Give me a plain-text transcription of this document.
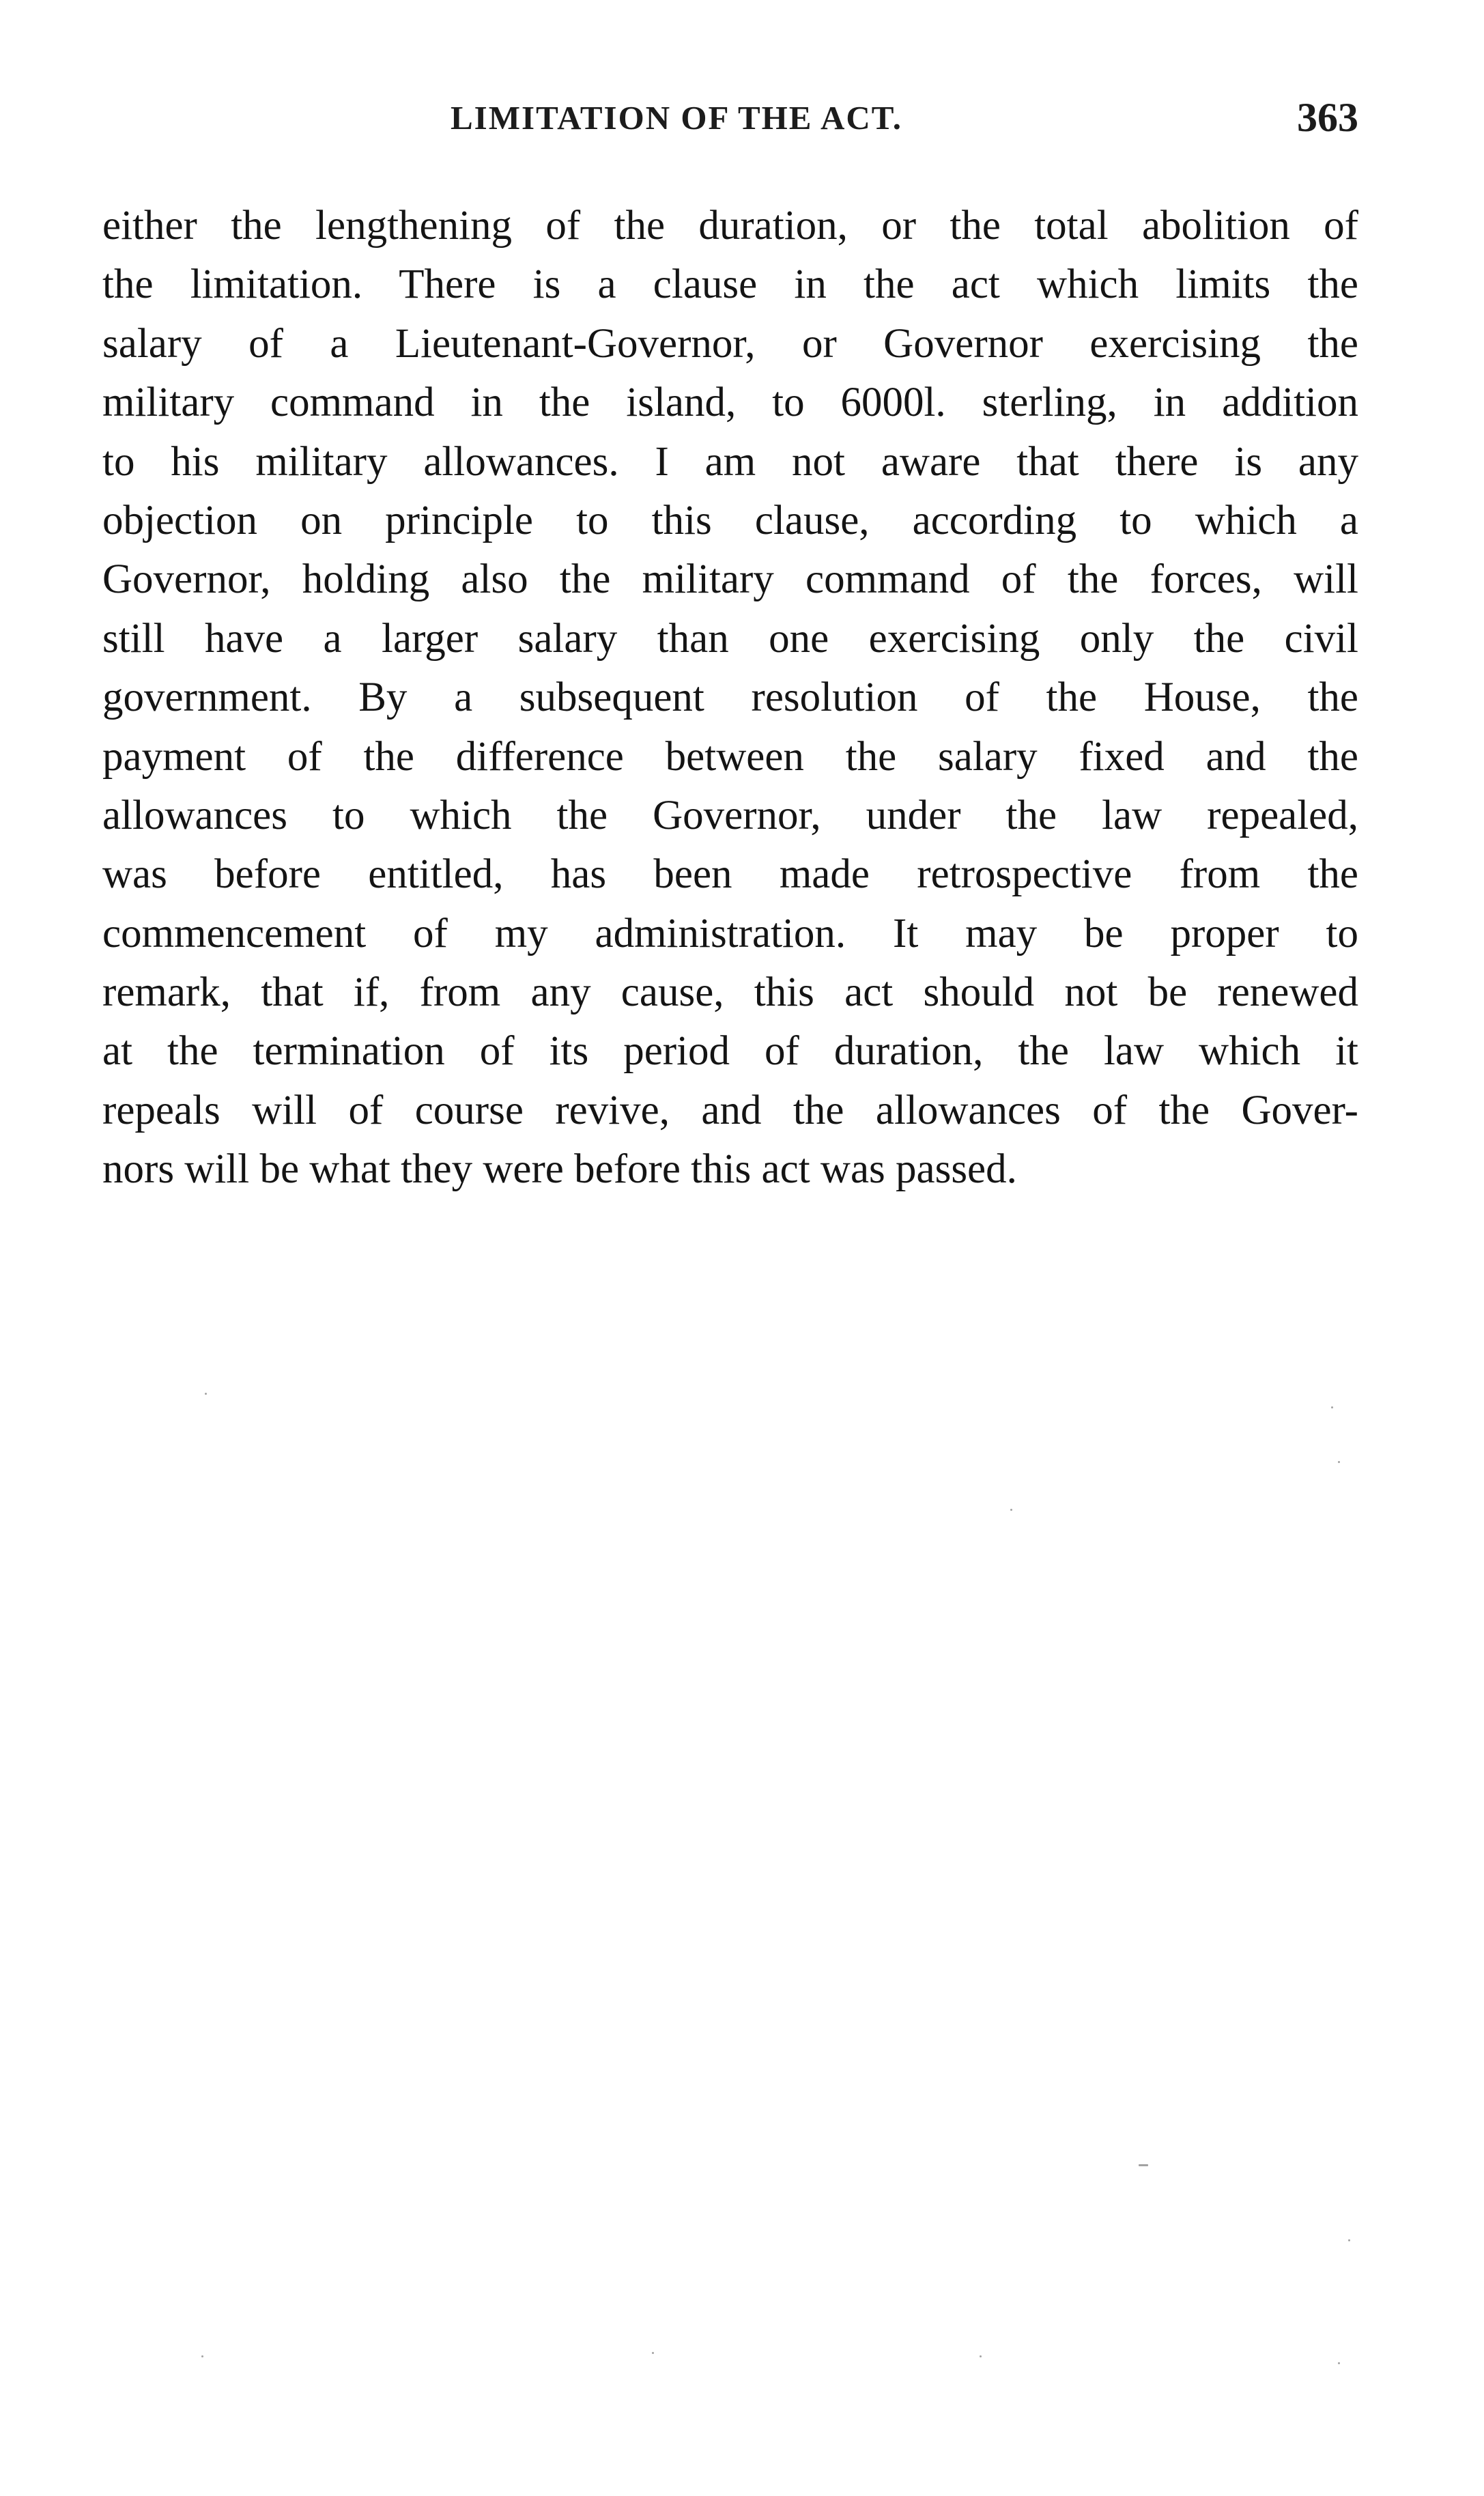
LIMITATION OF THE ACT.	363
either the lengthening of the duration, or the total abolition of
the limitation. There is a clause in the act which limits the
salary of a Lieutenant-Governor, or Governor exercising the
military command in the island, to 6000l. sterling, in addition
to his military allowances. I am not aware that there is any
objection on principle to this clause, according to which a
Governor, holding also the military command of the forces, will
still have a larger salary than one exercising only the civil
government. By a subsequent resolution of the House, the
payment of the difference between the salary fixed and the
allowances to which the Governor, under the law repealed,
was before entitled, has been made retrospective from the
commencement of my administration. It may be proper to
remark, that if, from any cause, this act should not be renewed
at the termination of its period of duration, the law which it
repeals will of course revive, and the allowances of the Gover-
nors will be what they were before this act was passed.
